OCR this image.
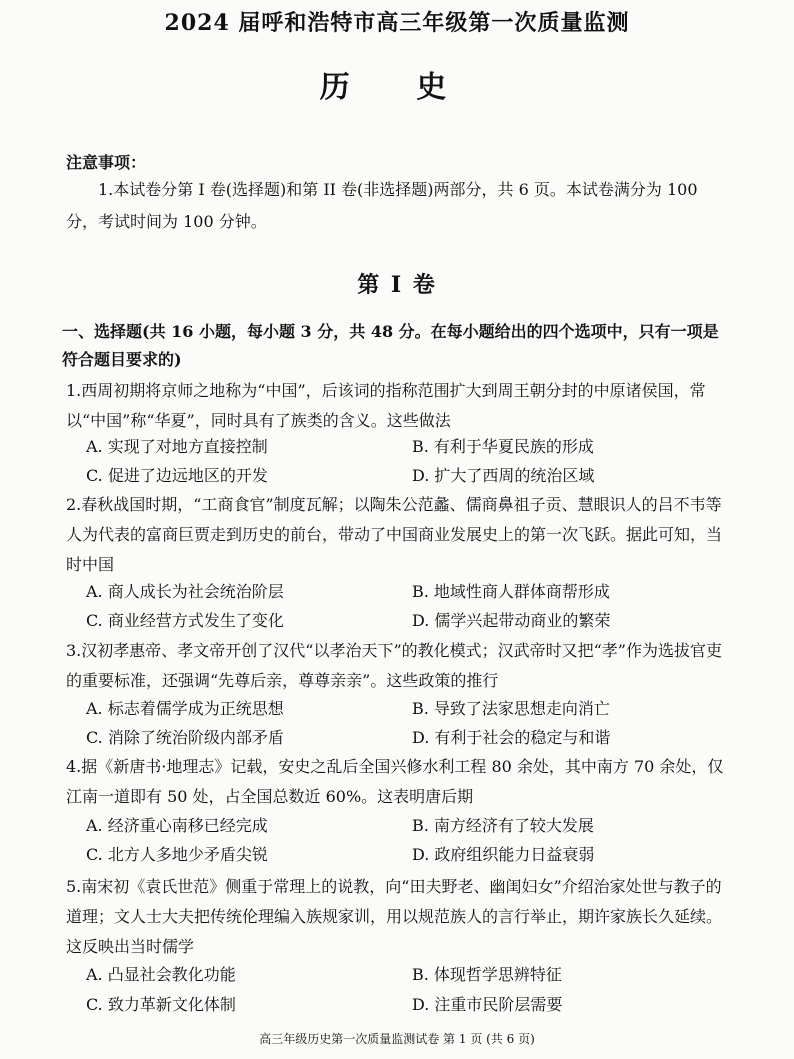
2024 届呼和浩特市高三年级第一次质量监测
历 史
注意事项：
1.本试卷分第 I 卷(选择题)和第 II 卷(非选择题)两部分，共 6 页。本试卷满分为 100 分，考试时间为 100 分钟。
第 I 卷
一、选择题(共 16 小题，每小题 3 分，共 48 分。在每小题给出的四个选项中，只有一项是符合题目要求的)
1.西周初期将京师之地称为“中国”，后该词的指称范围扩大到周王朝分封的中原诸侯国，常以“中国”称“华夏”，同时具有了族类的含义。这些做法
A. 实现了对地方直接控制	B. 有利于华夏民族的形成
C. 促进了边远地区的开发	D. 扩大了西周的统治区域
2.春秋战国时期，“工商食官”制度瓦解；以陶朱公范蠡、儒商鼻祖子贡、慧眼识人的吕不韦等人为代表的富商巨贾走到历史的前台，带动了中国商业发展史上的第一次飞跃。据此可知，当时中国
A. 商人成长为社会统治阶层	B. 地域性商人群体商帮形成
C. 商业经营方式发生了变化	D. 儒学兴起带动商业的繁荣
3.汉初孝惠帝、孝文帝开创了汉代“以孝治天下”的教化模式；汉武帝时又把“孝”作为选拔官吏的重要标准，还强调“先尊后亲，尊尊亲亲”。这些政策的推行
A. 标志着儒学成为正统思想	B. 导致了法家思想走向消亡
C. 消除了统治阶级内部矛盾	D. 有利于社会的稳定与和谐
4.据《新唐书·地理志》记载，安史之乱后全国兴修水利工程 80 余处，其中南方 70 余处，仅江南一道即有 50 处，占全国总数近 60%。这表明唐后期
A. 经济重心南移已经完成	B. 南方经济有了较大发展
C. 北方人多地少矛盾尖锐	D. 政府组织能力日益衰弱
5.南宋初《袁氏世范》侧重于常理上的说教，向“田夫野老、幽闺妇女”介绍治家处世与教子的道理；文人士大夫把传统伦理编入族规家训，用以规范族人的言行举止，期许家族长久延续。这反映出当时儒学
A. 凸显社会教化功能	B. 体现哲学思辨特征
C. 致力革新文化体制	D. 注重市民阶层需要
高三年级历史第一次质量监测试卷 第 1 页 (共 6 页)
